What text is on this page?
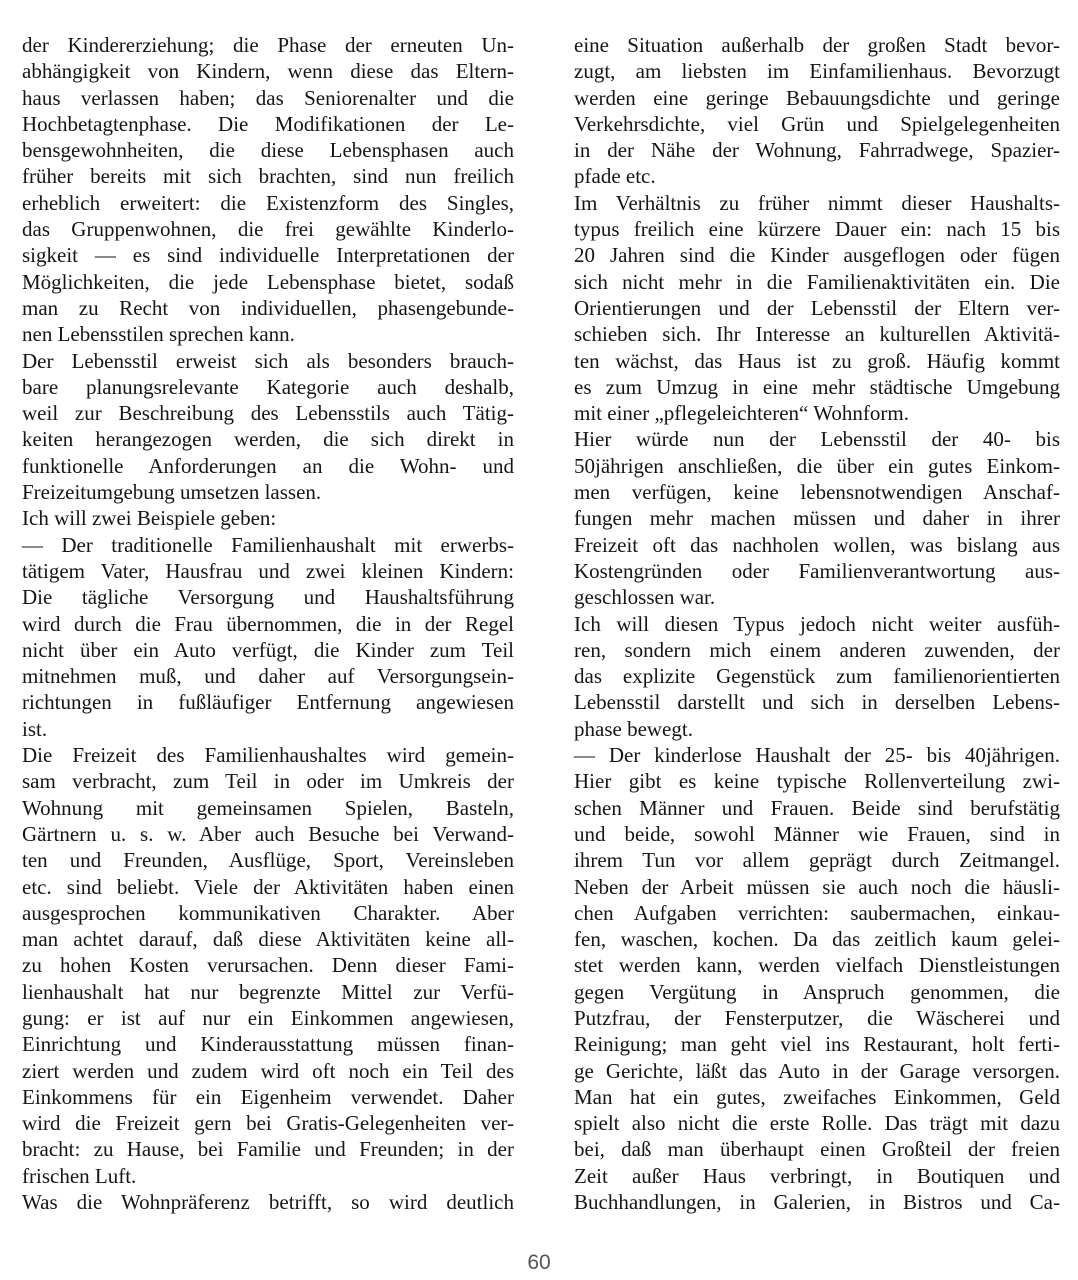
der Kindererziehung; die Phase der erneuten Un-
abhängigkeit von Kindern, wenn diese das Eltern-
haus verlassen haben; das Seniorenalter und die
Hochbetagtenphase. Die Modifikationen der Le-
bensgewohnheiten, die diese Lebensphasen auch
früher bereits mit sich brachten, sind nun freilich
erheblich erweitert: die Existenzform des Singles,
das Gruppenwohnen, die frei gewählte Kinderlo-
sigkeit — es sind individuelle Interpretationen der
Möglichkeiten, die jede Lebensphase bietet, sodaß
man zu Recht von individuellen, phasengebunde-
nen Lebensstilen sprechen kann.
Der Lebensstil erweist sich als besonders brauch-
bare planungsrelevante Kategorie auch deshalb,
weil zur Beschreibung des Lebensstils auch Tätig-
keiten herangezogen werden, die sich direkt in
funktionelle Anforderungen an die Wohn- und
Freizeitumgebung umsetzen lassen.
Ich will zwei Beispiele geben:
— Der traditionelle Familienhaushalt mit erwerbs-
tätigem Vater, Hausfrau und zwei kleinen Kindern:
Die tägliche Versorgung und Haushaltsführung
wird durch die Frau übernommen, die in der Regel
nicht über ein Auto verfügt, die Kinder zum Teil
mitnehmen muß, und daher auf Versorgungsein-
richtungen in fußläufiger Entfernung angewiesen
ist.
Die Freizeit des Familienhaushaltes wird gemein-
sam verbracht, zum Teil in oder im Umkreis der
Wohnung mit gemeinsamen Spielen, Basteln,
Gärtnern u. s. w. Aber auch Besuche bei Verwand-
ten und Freunden, Ausflüge, Sport, Vereinsleben
etc. sind beliebt. Viele der Aktivitäten haben einen
ausgesprochen kommunikativen Charakter. Aber
man achtet darauf, daß diese Aktivitäten keine all-
zu hohen Kosten verursachen. Denn dieser Fami-
lienhaushalt hat nur begrenzte Mittel zur Verfü-
gung: er ist auf nur ein Einkommen angewiesen,
Einrichtung und Kinderausstattung müssen finan-
ziert werden und zudem wird oft noch ein Teil des
Einkommens für ein Eigenheim verwendet. Daher
wird die Freizeit gern bei Gratis-Gelegenheiten ver-
bracht: zu Hause, bei Familie und Freunden; in der
frischen Luft.
Was die Wohnpräferenz betrifft, so wird deutlich
eine Situation außerhalb der großen Stadt bevor-
zugt, am liebsten im Einfamilienhaus. Bevorzugt
werden eine geringe Bebauungsdichte und geringe
Verkehrsdichte, viel Grün und Spielgelegenheiten
in der Nähe der Wohnung, Fahrradwege, Spazier-
pfade etc.
Im Verhältnis zu früher nimmt dieser Haushalts-
typus freilich eine kürzere Dauer ein: nach 15 bis
20 Jahren sind die Kinder ausgeflogen oder fügen
sich nicht mehr in die Familienaktivitäten ein. Die
Orientierungen und der Lebensstil der Eltern ver-
schieben sich. Ihr Interesse an kulturellen Aktivitä-
ten wächst, das Haus ist zu groß. Häufig kommt
es zum Umzug in eine mehr städtische Umgebung
mit einer „pflegeleichteren“ Wohnform.
Hier würde nun der Lebensstil der 40- bis
50jährigen anschließen, die über ein gutes Einkom-
men verfügen, keine lebensnotwendigen Anschaf-
fungen mehr machen müssen und daher in ihrer
Freizeit oft das nachholen wollen, was bislang aus
Kostengründen oder Familienverantwortung aus-
geschlossen war.
Ich will diesen Typus jedoch nicht weiter ausfüh-
ren, sondern mich einem anderen zuwenden, der
das explizite Gegenstück zum familienorientierten
Lebensstil darstellt und sich in derselben Lebens-
phase bewegt.
— Der kinderlose Haushalt der 25- bis 40jährigen.
Hier gibt es keine typische Rollenverteilung zwi-
schen Männer und Frauen. Beide sind berufstätig
und beide, sowohl Männer wie Frauen, sind in
ihrem Tun vor allem geprägt durch Zeitmangel.
Neben der Arbeit müssen sie auch noch die häusli-
chen Aufgaben verrichten: saubermachen, einkau-
fen, waschen, kochen. Da das zeitlich kaum gelei-
stet werden kann, werden vielfach Dienstleistungen
gegen Vergütung in Anspruch genommen, die
Putzfrau, der Fensterputzer, die Wäscherei und
Reinigung; man geht viel ins Restaurant, holt ferti-
ge Gerichte, läßt das Auto in der Garage versorgen.
Man hat ein gutes, zweifaches Einkommen, Geld
spielt also nicht die erste Rolle. Das trägt mit dazu
bei, daß man überhaupt einen Großteil der freien
Zeit außer Haus verbringt, in Boutiquen und
Buchhandlungen, in Galerien, in Bistros und Ca-
60
